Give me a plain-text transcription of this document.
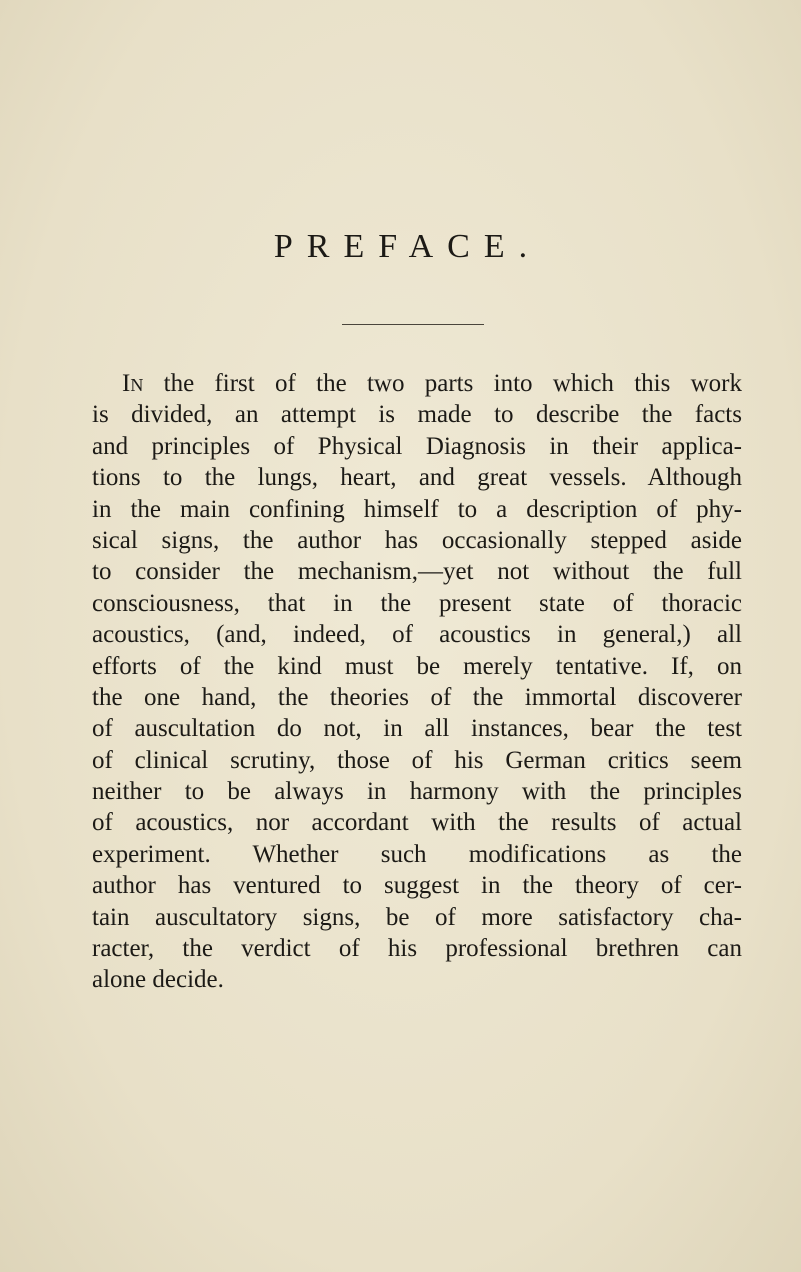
PREFACE.
In the first of the two parts into which this work
is divided, an attempt is made to describe the facts
and principles of Physical Diagnosis in their applica-
tions to the lungs, heart, and great vessels. Although
in the main confining himself to a description of phy-
sical signs, the author has occasionally stepped aside
to consider the mechanism,—yet not without the full
consciousness, that in the present state of thoracic
acoustics, (and, indeed, of acoustics in general,) all
efforts of the kind must be merely tentative. If, on
the one hand, the theories of the immortal discoverer
of auscultation do not, in all instances, bear the test
of clinical scrutiny, those of his German critics seem
neither to be always in harmony with the principles
of acoustics, nor accordant with the results of actual
experiment. Whether such modifications as the
author has ventured to suggest in the theory of cer-
tain auscultatory signs, be of more satisfactory cha-
racter, the verdict of his professional brethren can
alone decide.
